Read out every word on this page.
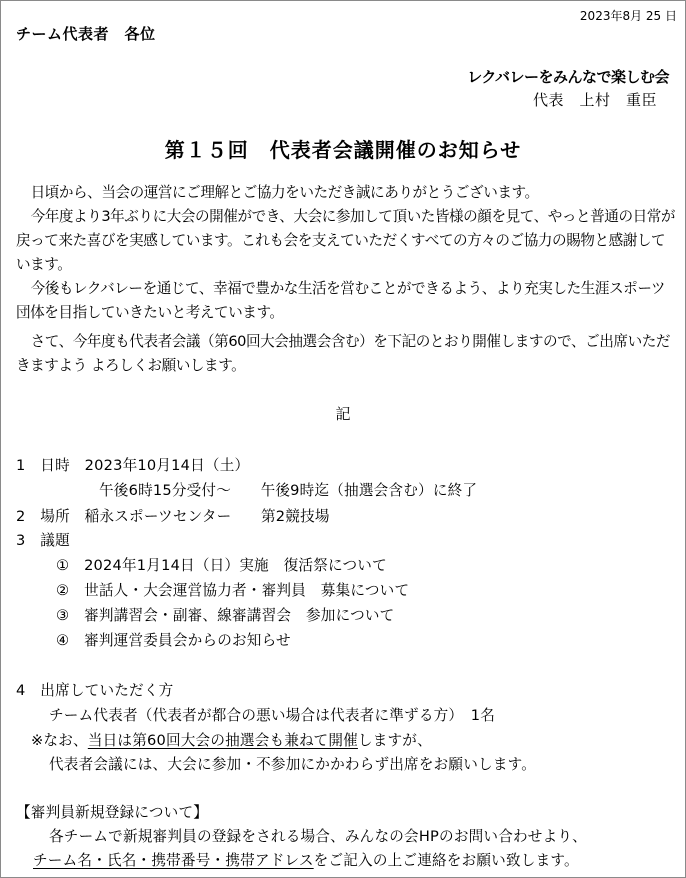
2023年8月 25 日
チーム代表者　各位
レクバレーをみんなで楽しむ会
代表　上村　重臣
第１５回　代表者会議開催のお知らせ

日頃から、当会の運営にご理解とご協力をいただき誠にありがとうございます。

今年度より3年ぶりに大会の開催ができ、大会に参加して頂いた皆様の顔を見て、やっと普通の日常が戻って来た喜びを実感しています。これも会を支えていただくすべての方々のご協力の賜物と感謝しています。

今後もレクバレーを通じて、幸福で豊かな生活を営むことができるよう、より充実した生涯スポーツ団体を目指していきたいと考えています。

さて、今年度も代表者会議（第60回大会抽選会含む）を下記のとおり開催しますので、ご出席いただきますよう よろしくお願いします。

記
1　日時　2023年10月14日（土）
午後6時15分受付～　　午後9時迄（抽選会含む）に終了
2　場所　稲永スポーツセンター　　第2競技場
3　議題
①　2024年1月14日（日）実施　復活祭について
②　世話人・大会運営協力者・審判員　募集について
③　審判講習会・副審、線審講習会　参加について
④　審判運営委員会からのお知らせ
4　出席していただく方
チーム代表者（代表者が都合の悪い場合は代表者に準ずる方）　1名
※なお、当日は第60回大会の抽選会も兼ねて開催しますが、
代表者会議には、大会に参加・不参加にかかわらず出席をお願いします。
【審判員新規登録について】
各チームで新規審判員の登録をされる場合、みんなの会HPのお問い合わせより、
チーム名・氏名・携帯番号・携帯アドレスをご記入の上ご連絡をお願い致します。
